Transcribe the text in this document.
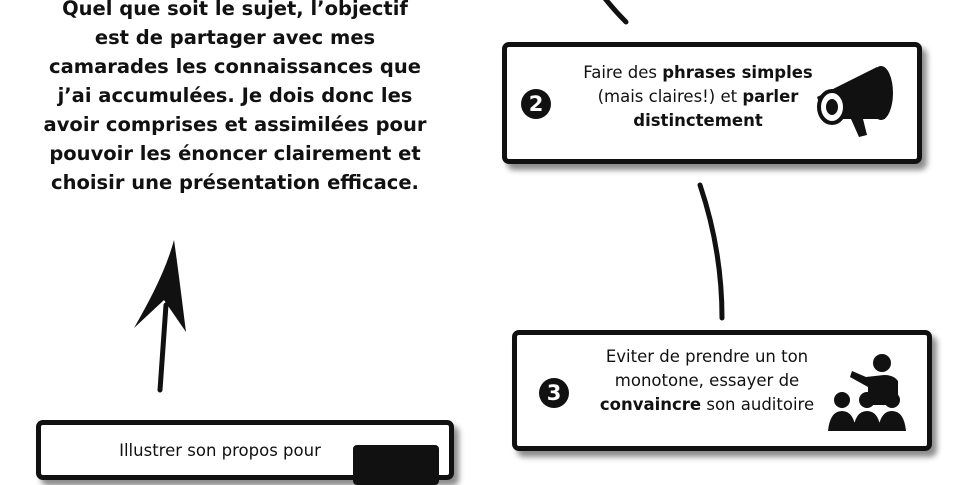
Quel que soit le sujet, l’objectif
est de partager avec mes
camarades les connaissances que
j’ai accumulées. Je dois donc les
avoir comprises et assimilées pour
pouvoir les énoncer clairement et
choisir une présentation efficace.

2

Faire des phrases simples
(mais claires!) et parler
distinctement

3

Eviter de prendre un ton
monotone, essayer de
convaincre son auditoire

Illustrer son propos pour
